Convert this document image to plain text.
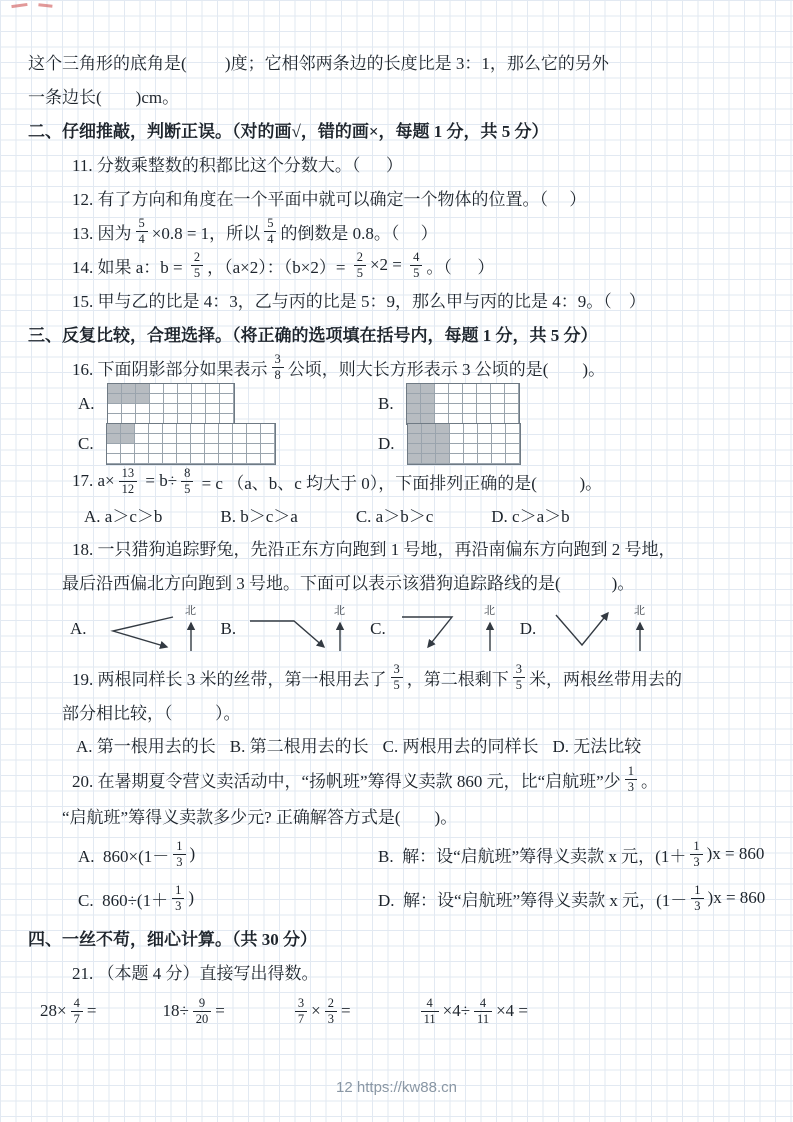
这个三角形的底角是(         )度；它相邻两条边的长度比是 3：1，那么它的另外
一条边长(        )cm。
二、仔细推敲，判断正误。（对的画√，错的画×，每题 1 分，共 5 分）
11. 分数乘整数的积都比这个分数大。（      ）
12. 有了方向和角度在一个平面中就可以确定一个物体的位置。（     ）
13. 因为 $\frac{5}{4} \times 0.8 = 1$，所以 $\frac{5}{4}$ 的倒数是 0.8。（     ）
14. 如果 a：$b = \frac{2}{5}$ ，（a×2）：$(b\times 2)= \frac{2}{5} \times 2 = \frac{4}{5}$ 。（      ）
15. 甲与乙的比是 4：3，乙与丙的比是 5：9，那么甲与丙的比是 4：9。（    ）
三、反复比较，合理选择。（将正确的选项填在括号内，每题 1 分，共 5 分）
16. 下面阴影部分如果表示 $\frac{3}{8}$ 公顷，则大长方形表示 3 公顷的是(        )。
A.	B.
C.	D.
17. $a\times \frac{13}{12} = b\div \frac{8}{5} = c$ （a、b、c 均大于 0），下面排列正确的是(          )。
A. a＞c＞b	B. b＞c＞a	C. a＞b＞c	D. c＞a＞b
18. 一只猎狗追踪野兔，先沿正东方向跑到 1 号地，再沿南偏东方向跑到 2 号地，
最后沿西偏北方向跑到 3 号地。下面可以表示该猎狗追踪路线的是(            )。
A.
北
B.
北
C.
北
D.
北
19. 两根同样长 3 米的丝带，第一根用去了 $\frac{3}{5}$ ，第二根剩下 $\frac{3}{5}$ 米，两根丝带用去的
部分相比较，（          ）。
A. 第一根用去的长 B. 第二根用去的长 C. 两根用去的同样长 D. 无法比较
20. 在暑期夏令营义卖活动中，“扬帆班”筹得义卖款 860 元，比“启航班”少 $\frac{1}{3}$ 。
“启航班”筹得义卖款多少元? 正确解答方式是(        )。
A.  $860\times(1- \frac{1}{3}$ )	B.  解：设“启航班”筹得义卖款 x 元，$(1+ \frac{1}{3} )x = 860$
C.  $860\div(1+ \frac{1}{3}$ )	D.  解：设“启航班”筹得义卖款 x 元，$(1- \frac{1}{3} )x = 860$
四、一丝不苟，细心计算。（共 30 分）
21. （本题 4 分）直接写出得数。
$28\times \frac{4}{7}$ =	$18\div \frac{9}{20}$ =	$\frac{3}{7} \times \frac{2}{3}$ =	$\frac{4}{11} \times 4\div \frac{4}{11} \times 4$ =
12 https://kw88.cn
